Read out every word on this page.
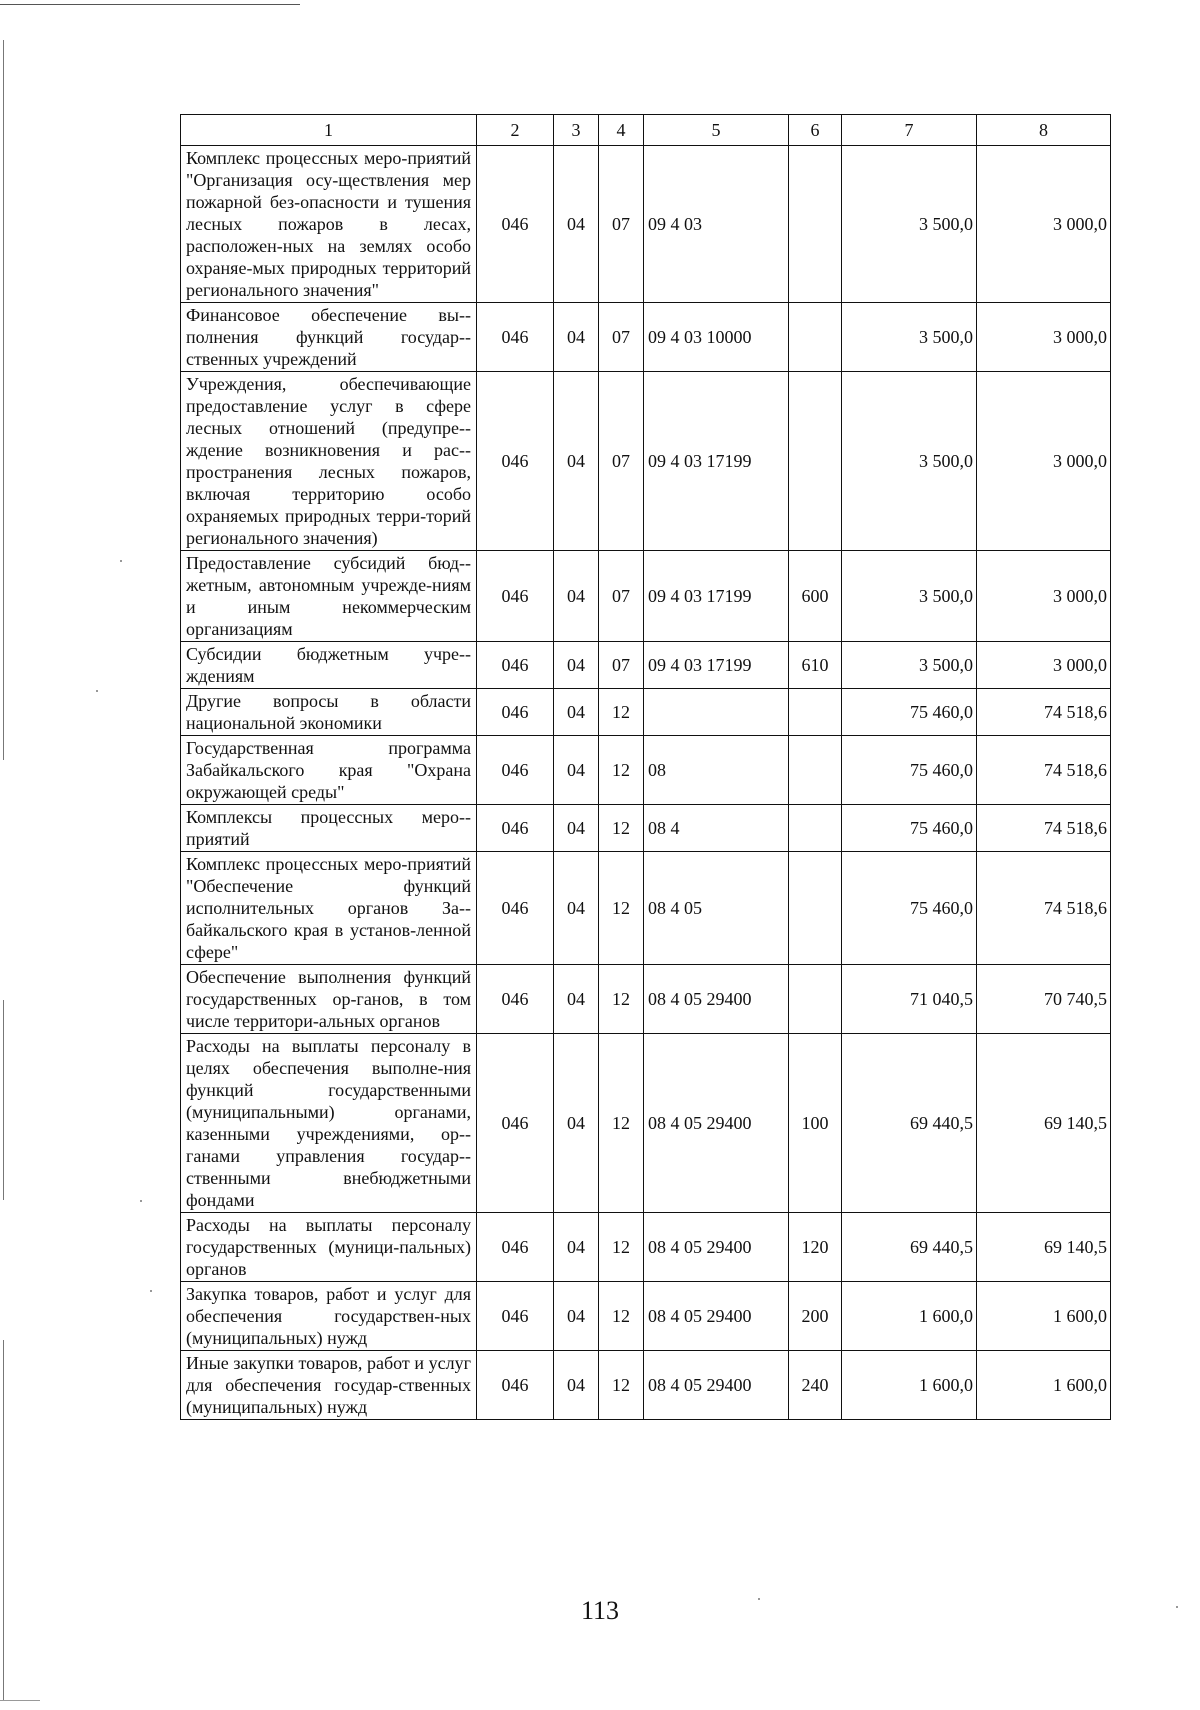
1	2	3	4	5	6	7	8
Комплекс процессных меро-приятий "Организация осу-ществления мер пожарной без-опасности и тушения лесных пожаров в лесах, расположен-ных на землях особо охраняе-мых природных территорий регионального значения"	046	04	07	09 4 03		3 500,0	3 000,0
Финансовое обеспечение вы-полнения функций государ-ственных учреждений	046	04	07	09 4 03 10000		3 500,0	3 000,0
Учреждения, обеспечивающие предоставление услуг в сфере лесных отношений (предупре-ждение возникновения и рас-пространения лесных пожаров, включая территорию особо охраняемых природных терри-торий регионального значения)	046	04	07	09 4 03 17199		3 500,0	3 000,0
Предоставление субсидий бюд-жетным, автономным учрежде-ниям и иным некоммерческим организациям	046	04	07	09 4 03 17199	600	3 500,0	3 000,0
Субсидии бюджетным учре-ждениям	046	04	07	09 4 03 17199	610	3 500,0	3 000,0
Другие вопросы в области национальной экономики	046	04	12			75 460,0	74 518,6
Государственная программа Забайкальского края "Охрана окружающей среды"	046	04	12	08		75 460,0	74 518,6
Комплексы процессных меро-приятий	046	04	12	08 4		75 460,0	74 518,6
Комплекс процессных меро-приятий "Обеспечение функций исполнительных органов За-байкальского края в установ-ленной сфере"	046	04	12	08 4 05		75 460,0	74 518,6
Обеспечение выполнения функций государственных ор-ганов, в том числе территори-альных органов	046	04	12	08 4 05 29400		71 040,5	70 740,5
Расходы на выплаты персоналу в целях обеспечения выполне-ния функций государственными (муниципальными) органами, казенными учреждениями, ор-ганами управления государ-ственными внебюджетными фондами	046	04	12	08 4 05 29400	100	69 440,5	69 140,5
Расходы на выплаты персоналу государственных (муници-пальных) органов	046	04	12	08 4 05 29400	120	69 440,5	69 140,5
Закупка товаров, работ и услуг для обеспечения государствен-ных (муниципальных) нужд	046	04	12	08 4 05 29400	200	1 600,0	1 600,0
Иные закупки товаров, работ и услуг для обеспечения государ-ственных (муниципальных) нужд	046	04	12	08 4 05 29400	240	1 600,0	1 600,0
113
